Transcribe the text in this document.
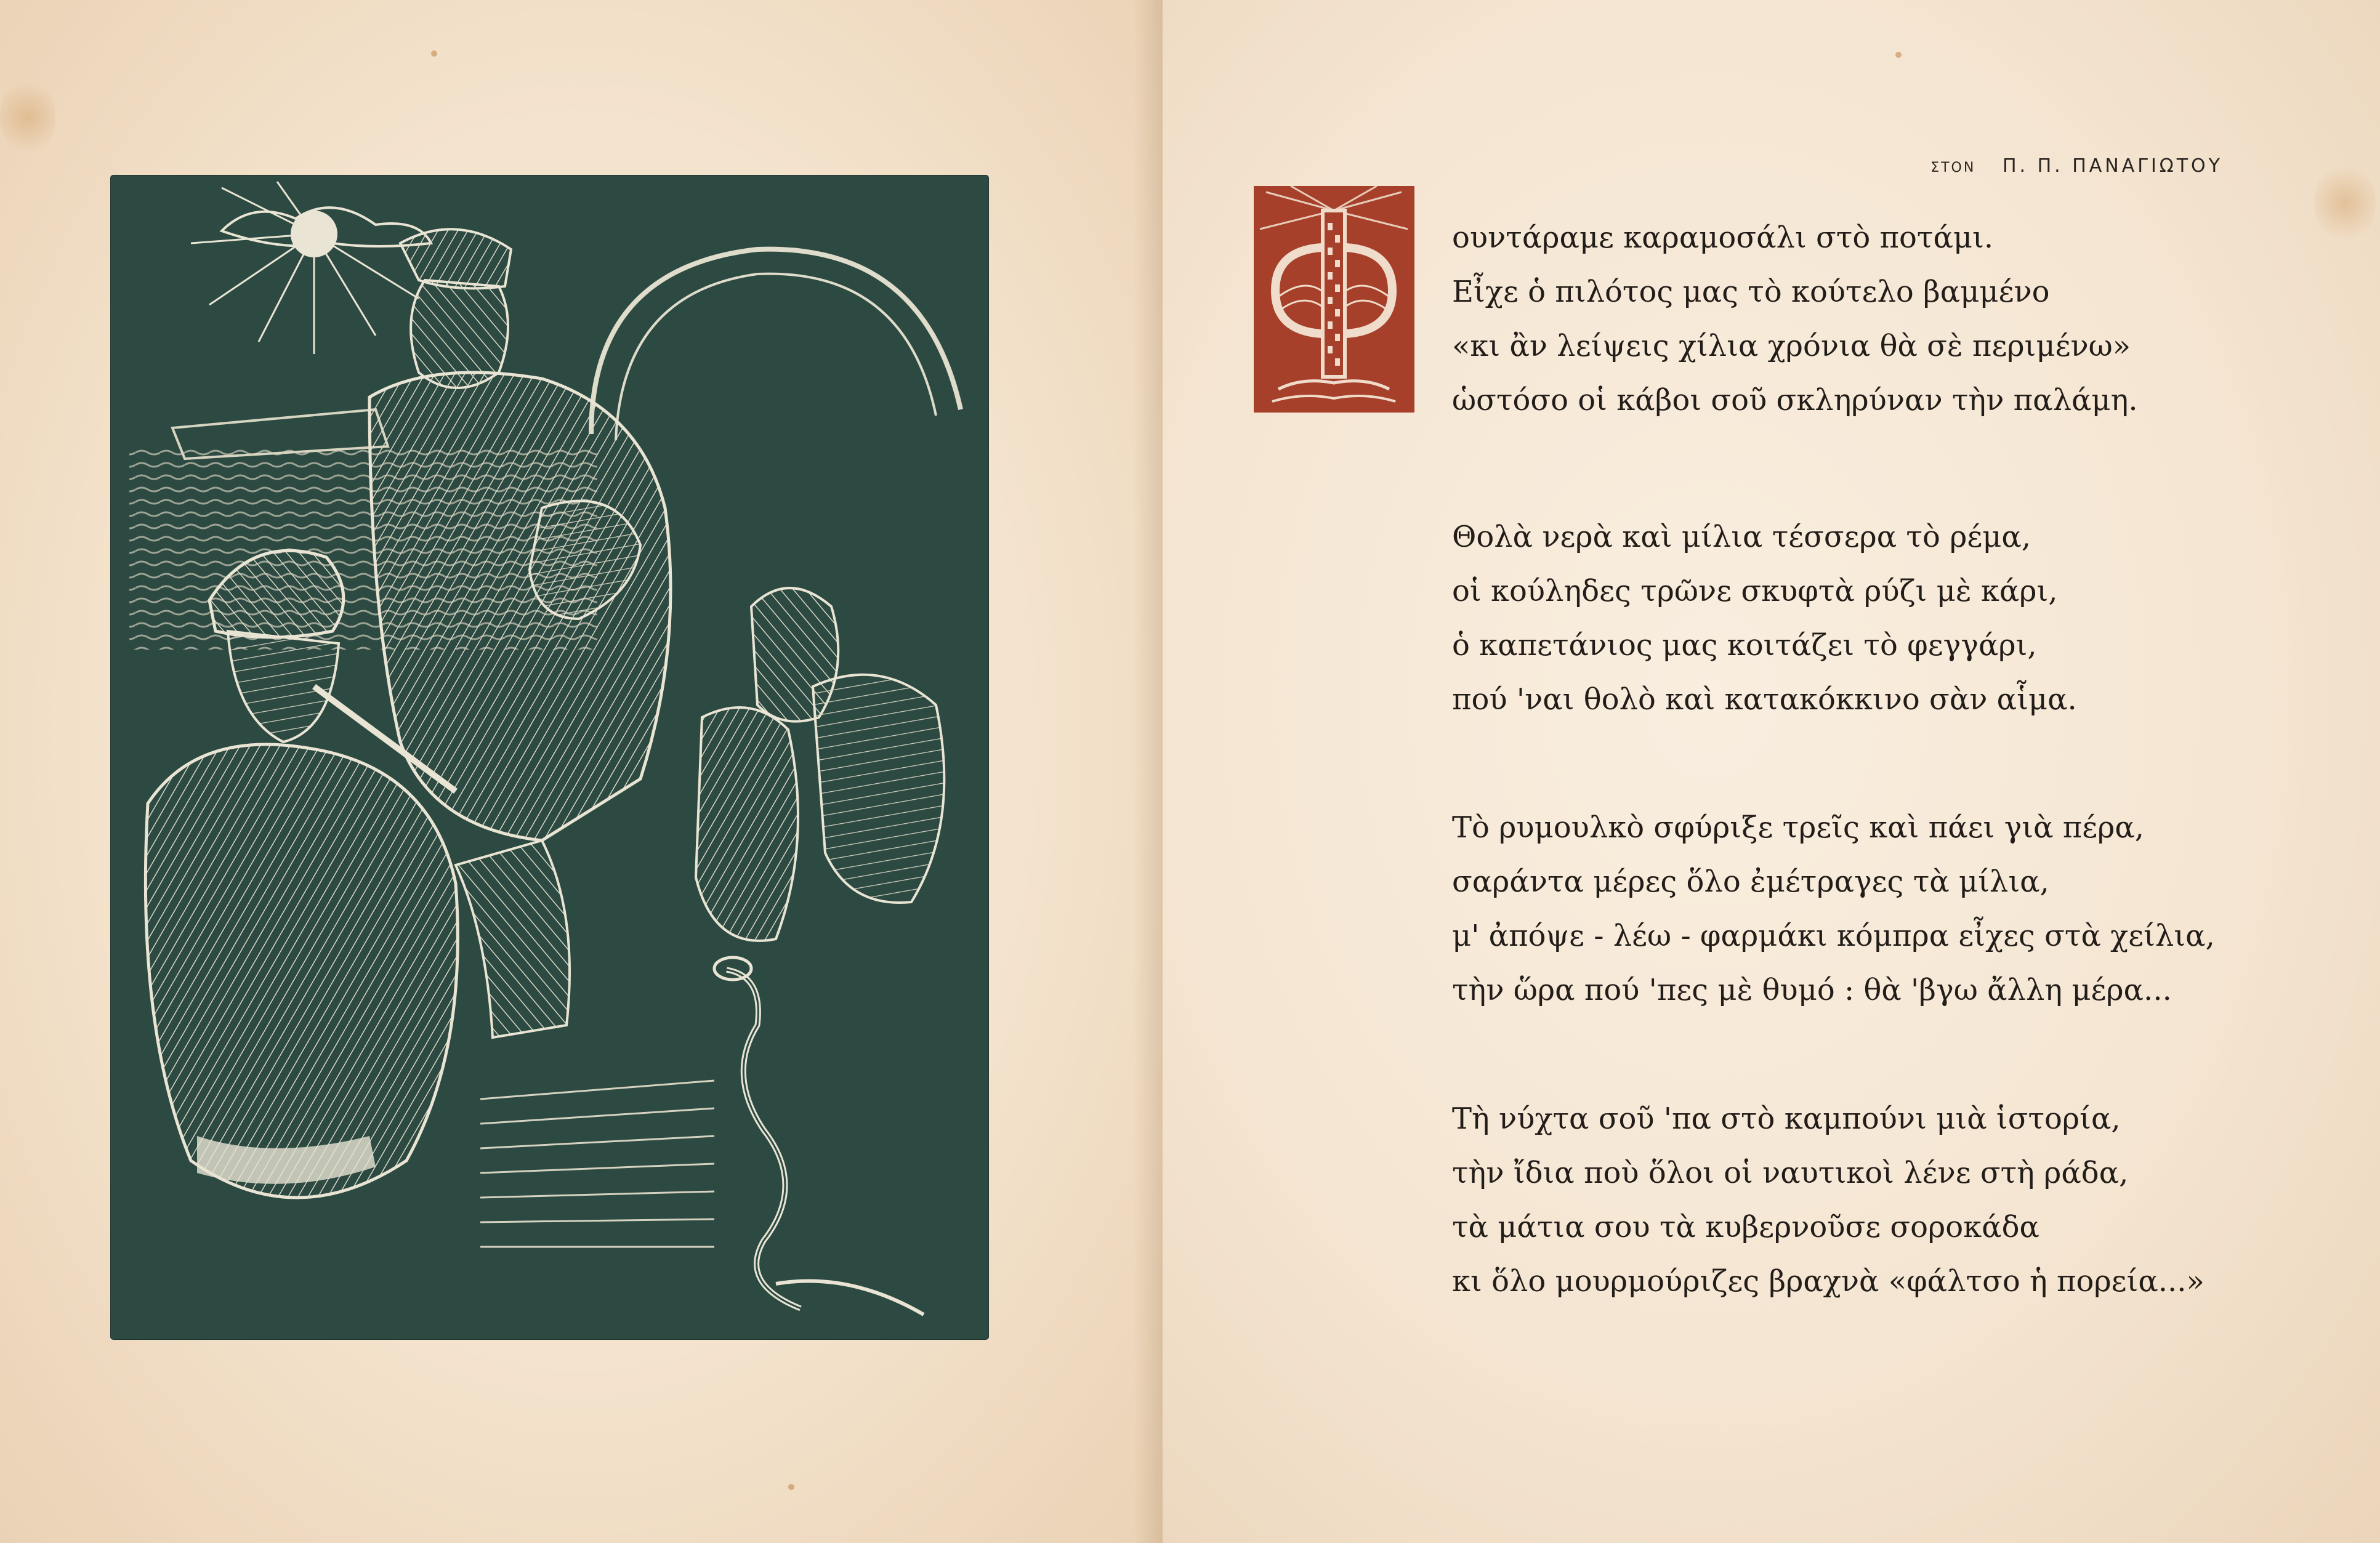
ΣΤΟΝ Π. Π. ΠΑΝΑΓΙΩΤΟΥ
ουντάραμε καραμοσάλι στὸ ποτάμι.
Εἶχε ὁ πιλότος μας τὸ κούτελο βαμμένο
«κι ἂν λείψεις χίλια χρόνια θὰ σὲ περιμένω»
ὡστόσο οἱ κάβοι σοῦ σκληρύναν τὴν παλάμη.
Θολὰ νερὰ καὶ μίλια τέσσερα τὸ ρέμα,
οἱ κούληδες τρῶνε σκυφτὰ ρύζι μὲ κάρι,
ὁ καπετάνιος μας κοιτάζει τὸ φεγγάρι,
πού 'ναι θολὸ καὶ κατακόκκινο σὰν αἷμα.
Τὸ ρυμουλκὸ σφύριξε τρεῖς καὶ πάει γιὰ πέρα,
σαράντα μέρες ὅλο ἐμέτραγες τὰ μίλια,
μ' ἀπόψε - λέω - φαρμάκι κόμπρα εἶχες στὰ χείλια,
τὴν ὥρα πού 'πες μὲ θυμό : θὰ 'βγω ἄλλη μέρα...
Τὴ νύχτα σοῦ 'πα στὸ καμπούνι μιὰ ἱστορία,
τὴν ἴδια ποὺ ὅλοι οἱ ναυτικοὶ λένε στὴ ράδα,
τὰ μάτια σου τὰ κυβερνοῦσε σοροκάδα
κι ὅλο μουρμούριζες βραχνὰ «φάλτσο ἡ πορεία...»
